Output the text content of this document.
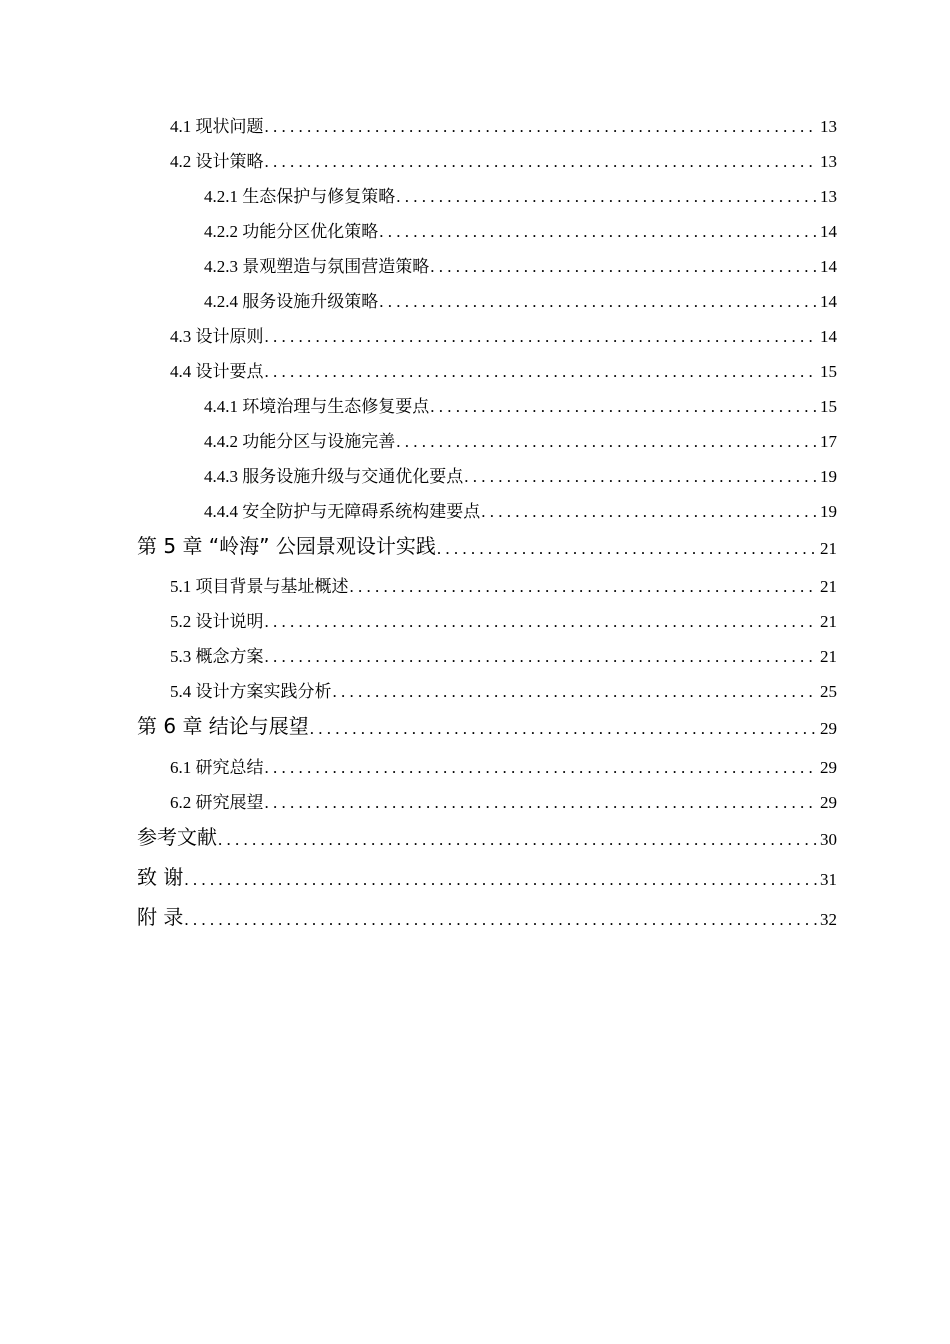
4.1 现状问题 . . .	13
4.2 设计策略 . . .	13
4.2.1 生态保护与修复策略 . . .	13
4.2.2 功能分区优化策略 . . .	14
4.2.3 景观塑造与氛围营造策略 . . .	14
4.2.4 服务设施升级策略 . . .	14
4.3 设计原则 . . .	14
4.4 设计要点 . . .	15
4.4.1 环境治理与生态修复要点 . . .	15
4.4.2 功能分区与设施完善 . . .	17
4.4.3 服务设施升级与交通优化要点 . . .	19
4.4.4 安全防护与无障碍系统构建要点 . . .	19
第 5 章 “岭海” 公园景观设计实践 . . .	21
5.1 项目背景与基址概述 . . .	21
5.2 设计说明 . . .	21
5.3 概念方案 . . .	21
5.4 设计方案实践分析 . . .	25
第 6 章 结论与展望 . . .	29
6.1 研究总结 . . .	29
6.2 研究展望 . . .	29
参考文献 . . .	30
致 谢 . . .	31
附 录 . . .	32
